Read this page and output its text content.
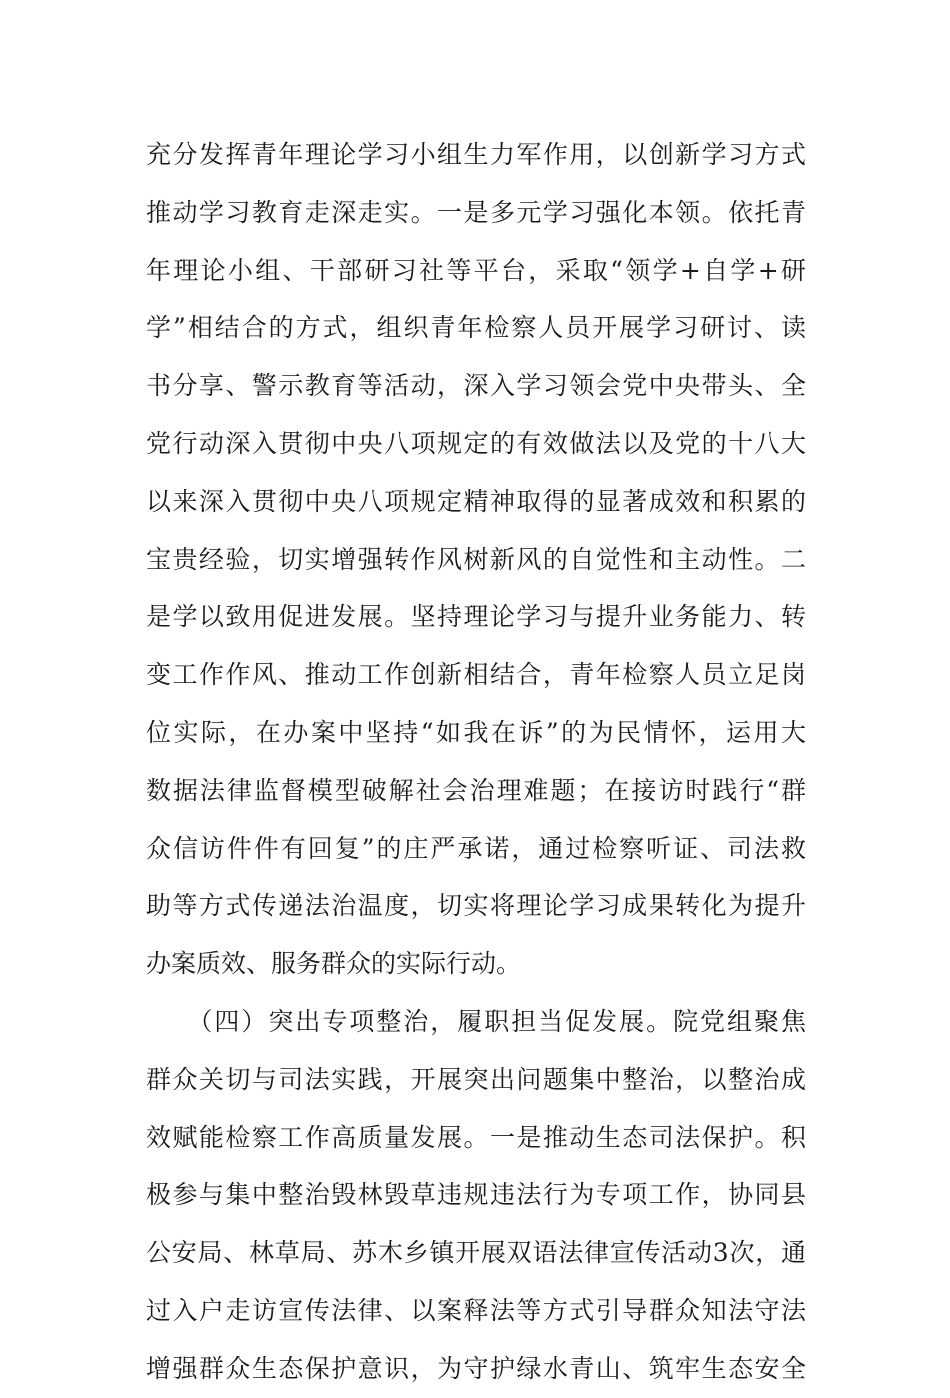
充分发挥青年理论学习小组生力军作用，以创新学习方式
推动学习教育走深走实。一是多元学习强化本领。依托青
年理论小组、干部研习社等平台，采取“领学+自学+研
学”相结合的方式，组织青年检察人员开展学习研讨、读
书分享、警示教育等活动，深入学习领会党中央带头、全
党行动深入贯彻中央八项规定的有效做法以及党的十八大
以来深入贯彻中央八项规定精神取得的显著成效和积累的
宝贵经验，切实增强转作风树新风的自觉性和主动性。二
是学以致用促进发展。坚持理论学习与提升业务能力、转
变工作作风、推动工作创新相结合，青年检察人员立足岗
位实际，在办案中坚持“如我在诉”的为民情怀，运用大
数据法律监督模型破解社会治理难题；在接访时践行“群
众信访件件有回复”的庄严承诺，通过检察听证、司法救
助等方式传递法治温度，切实将理论学习成果转化为提升
办案质效、服务群众的实际行动。
　　（四）突出专项整治，履职担当促发展。院党组聚焦
群众关切与司法实践，开展突出问题集中整治，以整治成
效赋能检察工作高质量发展。一是推动生态司法保护。积
极参与集中整治毁林毁草违规违法行为专项工作，协同县
公安局、林草局、苏木乡镇开展双语法律宣传活动3次，通
过入户走访宣传法律、以案释法等方式引导群众知法守法
增强群众生态保护意识，为守护绿水青山、筑牢生态安全
